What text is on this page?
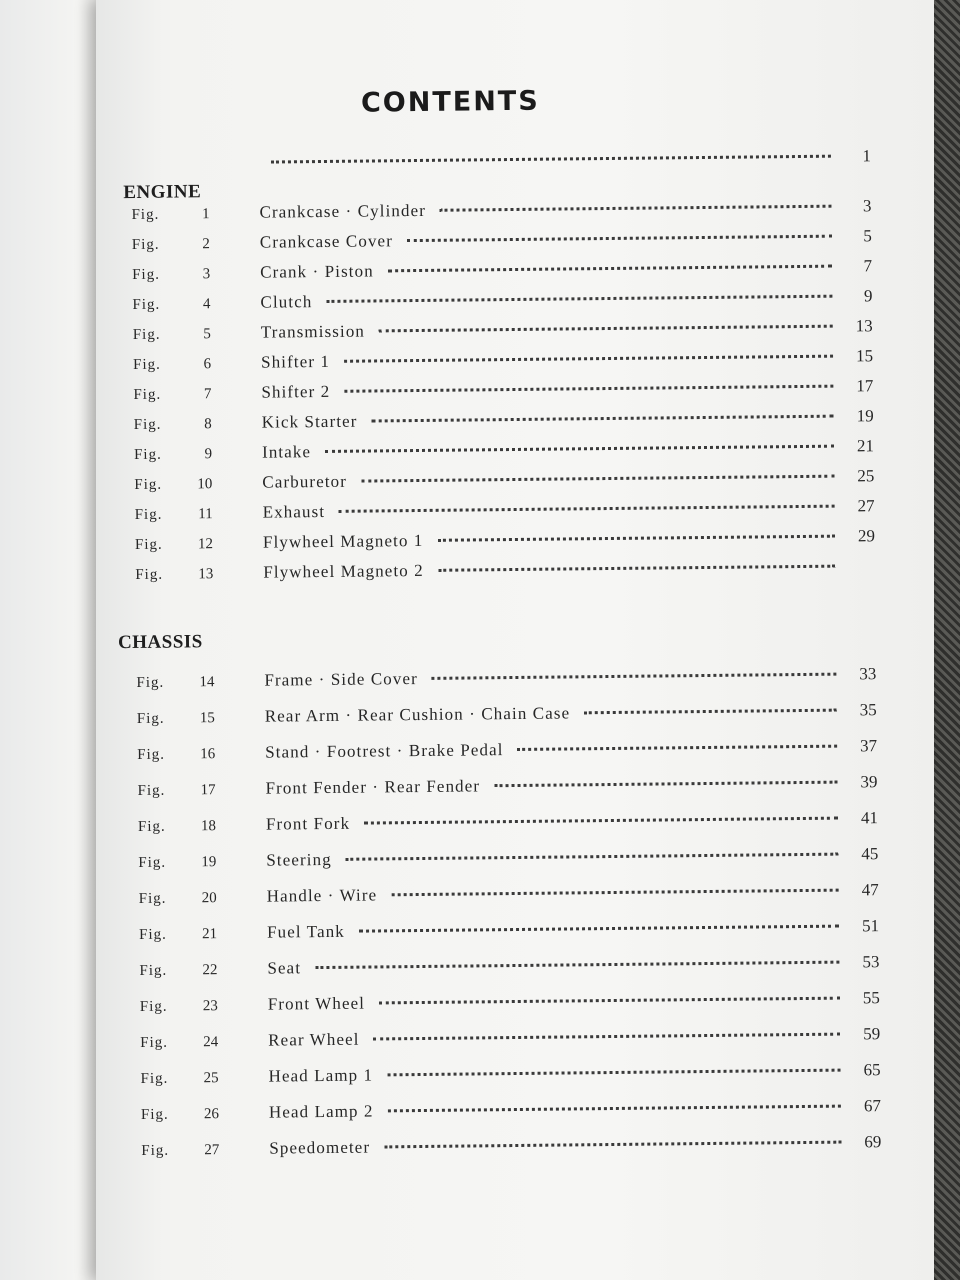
CONTENTS
1
ENGINE
Fig.	1	Crankcase · Cylinder	3
Fig.	2	Crankcase Cover	5
Fig.	3	Crank · Piston	7
Fig.	4	Clutch	9
Fig.	5	Transmission	13
Fig.	6	Shifter 1	15
Fig.	7	Shifter 2	17
Fig.	8	Kick Starter	19
Fig.	9	Intake	21
Fig.	10	Carburetor	25
Fig.	11	Exhaust	27
Fig.	12	Flywheel Magneto 1	29
Fig.	13	Flywheel Magneto 2
CHASSIS
Fig.	14	Frame · Side Cover	33
Fig.	15	Rear Arm · Rear Cushion · Chain Case	35
Fig.	16	Stand · Footrest · Brake Pedal	37
Fig.	17	Front Fender · Rear Fender	39
Fig.	18	Front Fork	41
Fig.	19	Steering	45
Fig.	20	Handle · Wire	47
Fig.	21	Fuel Tank	51
Fig.	22	Seat	53
Fig.	23	Front Wheel	55
Fig.	24	Rear Wheel	59
Fig.	25	Head Lamp 1	65
Fig.	26	Head Lamp 2	67
Fig.	27	Speedometer	69
